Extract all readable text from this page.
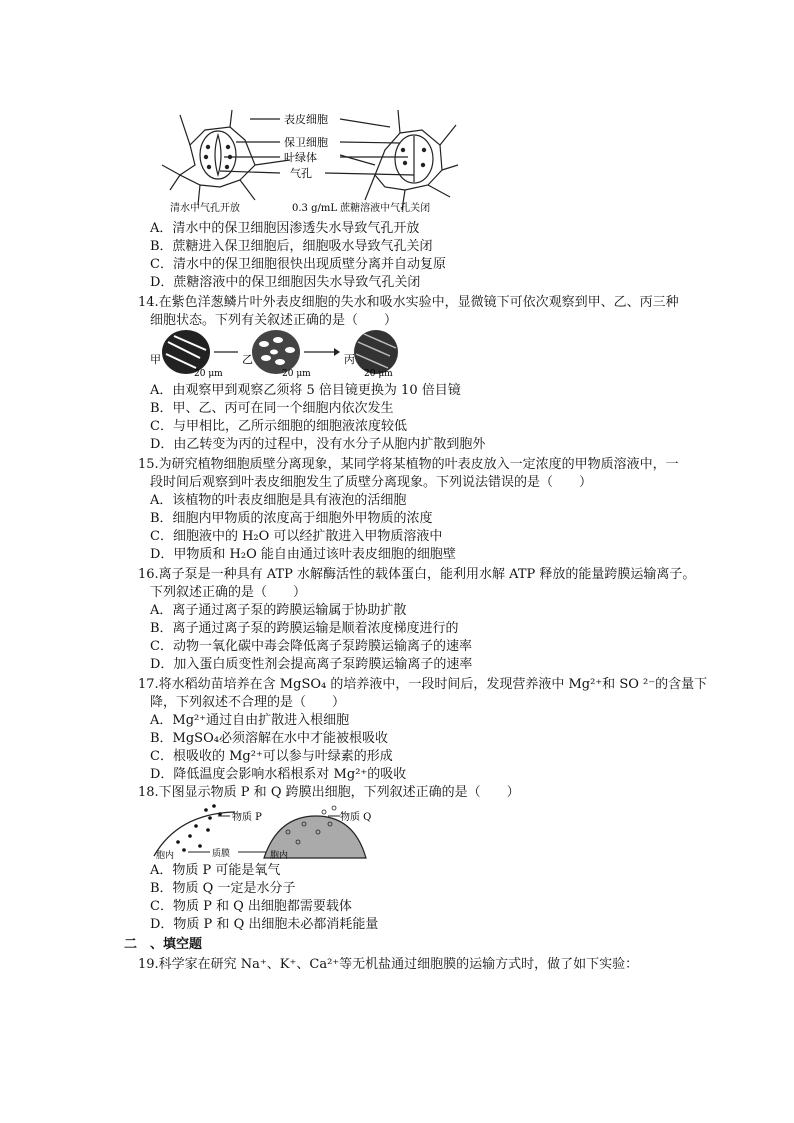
表皮细胞
保卫细胞
叶绿体
气孔
清水中气孔开放	0.3 g/mL 蔗糖溶液中气孔关闭
A．清水中的保卫细胞因渗透失水导致气孔开放
B．蔗糖进入保卫细胞后，细胞吸水导致气孔关闭
C．清水中的保卫细胞很快出现质壁分离并自动复原
D．蔗糖溶液中的保卫细胞因失水导致气孔关闭
14.在紫色洋葱鳞片叶外表皮细胞的失水和吸水实验中，显微镜下可依次观察到甲、乙、丙三种
细胞状态。下列有关叙述正确的是（　　）
甲
20 μm
乙
20 μm
丙
20 μm
A．由观察甲到观察乙须将 5 倍目镜更换为 10 倍目镜
B．甲、乙、丙可在同一个细胞内依次发生
C．与甲相比，乙所示细胞的细胞液浓度较低
D．由乙转变为丙的过程中，没有水分子从胞内扩散到胞外
15.为研究植物细胞质壁分离现象，某同学将某植物的叶表皮放入一定浓度的甲物质溶液中，一
段时间后观察到叶表皮细胞发生了质壁分离现象。下列说法错误的是（　　）
A．该植物的叶表皮细胞是具有液泡的活细胞
B．细胞内甲物质的浓度高于细胞外甲物质的浓度
C．细胞液中的 H₂O 可以经扩散进入甲物质溶液中
D．甲物质和 H₂O 能自由通过该叶表皮细胞的细胞壁
16.离子泵是一种具有 ATP 水解酶活性的载体蛋白，能利用水解 ATP 释放的能量跨膜运输离子。
下列叙述正确的是（　　）
A．离子通过离子泵的跨膜运输属于协助扩散
B．离子通过离子泵的跨膜运输是顺着浓度梯度进行的
C．动物一氧化碳中毒会降低离子泵跨膜运输离子的速率
D．加入蛋白质变性剂会提高离子泵跨膜运输离子的速率
17.将水稻幼苗培养在含 MgSO₄ 的培养液中，一段时间后，发现营养液中 Mg²⁺和 SO ²⁻的含量下
降，下列叙述不合理的是（　　）
A．Mg²⁺通过自由扩散进入根细胞
B．MgSO₄必须溶解在水中才能被根吸收
C．根吸收的 Mg²⁺可以参与叶绿素的形成
D．降低温度会影响水稻根系对 Mg²⁺的吸收
18.下图显示物质 P 和 Q 跨膜出细胞，下列叙述正确的是（　　）
物质 P
胞内	质膜	胞内
物质 Q
A．物质 P 可能是氧气
B．物质 Q 一定是水分子
C．物质 P 和 Q 出细胞都需要载体
D．物质 P 和 Q 出细胞未必都消耗能量
二　、填空题
19.科学家在研究 Na⁺、K⁺、Ca²⁺等无机盐通过细胞膜的运输方式时，做了如下实验：
